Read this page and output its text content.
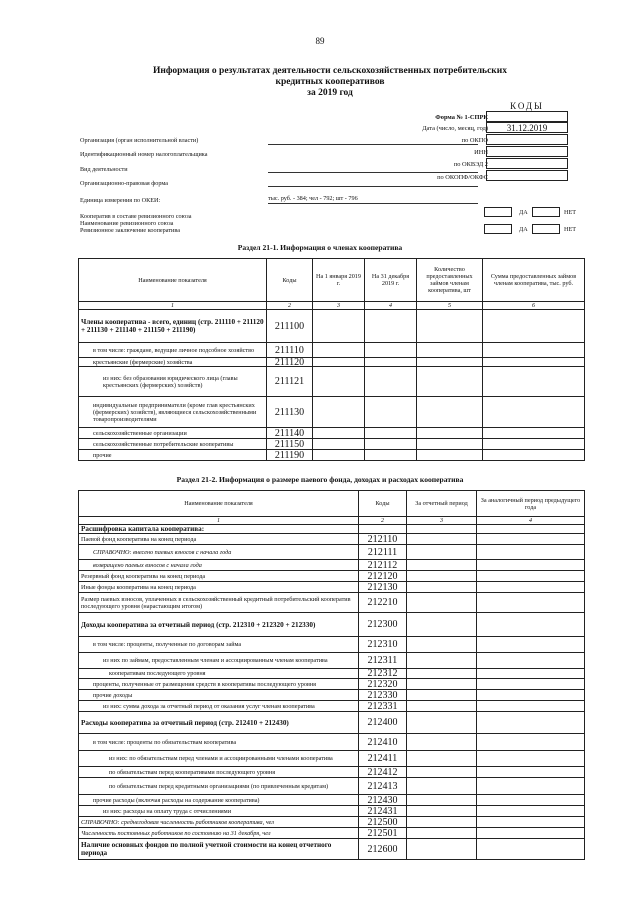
89
Информация о результатах деятельности сельскохозяйственных потребительских
кредитных кооперативов
за 2019 год
КОДЫ
Форма № 1-СПРК
Дата (число, месяц, год)
по ОКПО
ИНН
по ОКВЭД 2
по ОКОПФ/ОКФС
31.12.2019
Организация (орган исполнительной власти)
Идентификационный номер налогоплательщика
Вид деятельности
Организационно-правовая форма
Единица измерения по ОКЕИ:	тыс. руб. - 384; чел - 792; шт - 796
Кооператив в составе ревизионного союза
Наименование ревизионного союза
Ревизионное заключение кооператива
ДА	НЕТ
ДА	НЕТ
Раздел 21-1. Информация о членах кооператива
Наименование показателя	Коды	На 1 января 2019 г.	На 31 декабря 2019 г.	Количество предоставленных займов членам кооператива, шт	Сумма предоставленных займов членам кооператива, тыс. руб.
1	2	3	4	5	6
Члены кооператива - всего, единиц (стр. 211110 + 211120 + 211130 + 211140 + 211150 + 211190)	211100				
в том числе: граждане, ведущие личное подсобное хозяйство	211110				
крестьянские (фермерские) хозяйства	211120				
из них: без образования юридического лица (главы крестьянских (фермерских) хозяйств)	211121				
индивидуальные предприниматели (кроме глав крестьянских (фермерских) хозяйств), являющиеся сельскохозяйственными товаропроизводителями	211130				
сельскохозяйственные организации	211140				
сельскохозяйственные потребительские кооперативы	211150				
прочие	211190				
Раздел 21-2. Информация о размере паевого фонда, доходах и расходах кооператива
Наименование показателя	Коды	За отчетный период	За аналогичный период предыдущего года
1	2	3	4
Расшифровка капитала кооператива:			
Паевой фонд кооператива на конец периода	212110		
СПРАВОЧНО: внесено паевых взносов с начала года	212111		
возвращено паевых взносов с начала года	212112		
Резервный фонд кооператива на конец периода	212120		
Иные фонды кооператива на конец периода	212130		
Размер паевых взносов, уплаченных в сельскохозяйственный кредитный потребительский кооператив последующего уровня (нарастающим итогом)	212210		
Доходы кооператива за отчетный период (стр. 212310 + 212320 + 212330)	212300		
в том числе: проценты, полученные по договорам займа	212310		
из них по займам, предоставленным членам и ассоциированным членам кооператива	212311		
кооперативам последующего уровня	212312		
проценты, полученные от размещения средств в кооперативы последующего уровня	212320		
прочие доходы	212330		
из них: сумма дохода за отчетный период от оказания услуг членам кооператива	212331		
Расходы кооператива за отчетный период (стр. 212410 + 212430)	212400		
в том числе: проценты по обязательствам кооператива	212410		
из них: по обязательствам перед членами и ассоциированными членами кооператива	212411		
по обязательствам перед кооперативами последующего уровня	212412		
по обязательствам перед кредитными организациями (по привлеченным кредитам)	212413		
прочие расходы (включая расходы на содержание кооператива)	212430		
из них: расходы на оплату труда с отчислениями	212431		
СПРАВОЧНО: среднегодовая численность работников кооператива, чел	212500		
Численность постоянных работников по состоянию на 31 декабря, чел	212501		
Наличие основных фондов по полной учетной стоимости на конец отчетного периода	212600		
